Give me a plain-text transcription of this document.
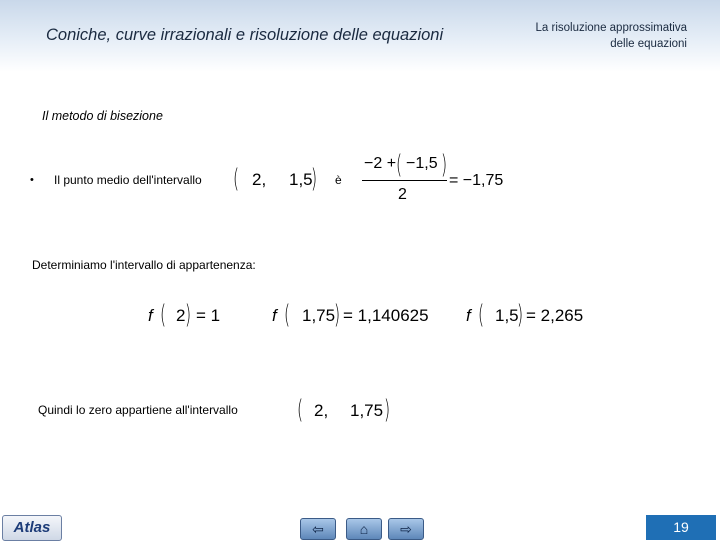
Coniche, curve irrazionali e risoluzione delle equazioni	La risoluzione approssimativa
delle equazioni
Il metodo di bisezione
• Il punto medio dell'intervallo ( 2, 1,5
) è
−2 + ( −1,5 )
2
= −1,75
Determiniamo l'intervallo di appartenenza:
f ( 2 ) = 1	f ( 1,75
) = 1,140625 f ( 1,5
) = 2,265
Quindi lo zero appartiene all'intervallo ( 2, 1,75 )
Atlas	⇦	⌂	⇨	19
